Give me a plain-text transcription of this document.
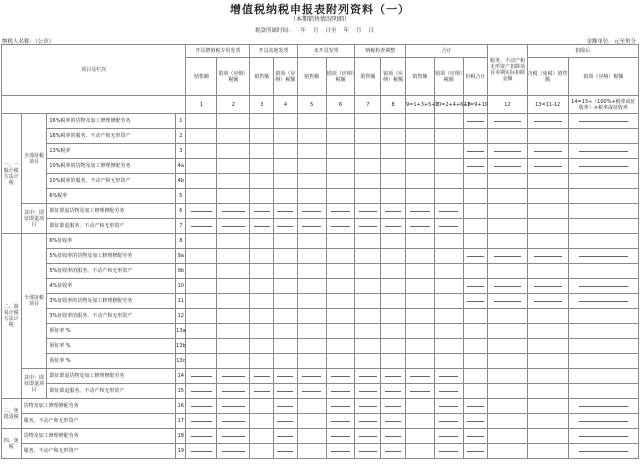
增值税纳税申报表附列资料（一）
（本期销售情况明细）
税款所属时间：    年    月    日至    年    月    日
纳税人名称：（公章）	金额单位：元至角分
项目及栏次				开具增值税专用发票		开具其他发票		未开具发票		纳税检查调整		合计			服务、不动产和无形资产扣除项目本期实际扣除金额	扣除后	
				销售额	销项（应纳）税额	销售额	销项（应纳）税额	销售额	销项（应纳）税额	销售额	销项（应纳）税额	销售额	销项（应纳）税额	价税合计		含税（免税）销售额	销项（应纳）税额
				1	2	3	4	5	6	7	8	9=1+3+5+7	10=2+4+6+8	11=9+10	12	13=11-12	14=13÷（100%+税率或征收率）×税率或征收率
一、一般计税方法计税	全部征税项目	16%税率的货物及加工修理修配劳务	1											

		16%税率的服务、不动产和无形资产	2														
		13%税率	3											

		10%税率的货物及加工修理修配劳务	4a											

		10%税率的服务、不动产和无形资产	4b														
		6%税率	5														
	其中：即征即退项目	即征即退货物及加工修理修配劳务	6	

		即征即退服务、不动产和无形资产	7	

二、简易计税方法计税	全部征税项目	6%征收率	8														
		5%征收率的货物及加工修理修配劳务	9a											

		5%征收率的服务、不动产和无形资产	9b														
		4%征收率	10											

		3%征收率的货物及加工修理修配劳务	11											

		3%征收率的服务、不动产和无形资产	12														
		预征率 %	13a														
		预征率 %	13b														
		预征率 %	13c														
	其中：即征即退项目	即征即退货物及加工修理修配劳务	14	

		即征即退服务、不动产和无形资产	15	

三、免抵退税	货物及加工修理修配劳务		16	

	服务、不动产和无形资产		17	

四、免税	货物及加工修理修配劳务		18	

	服务、不动产和无形资产		19	
